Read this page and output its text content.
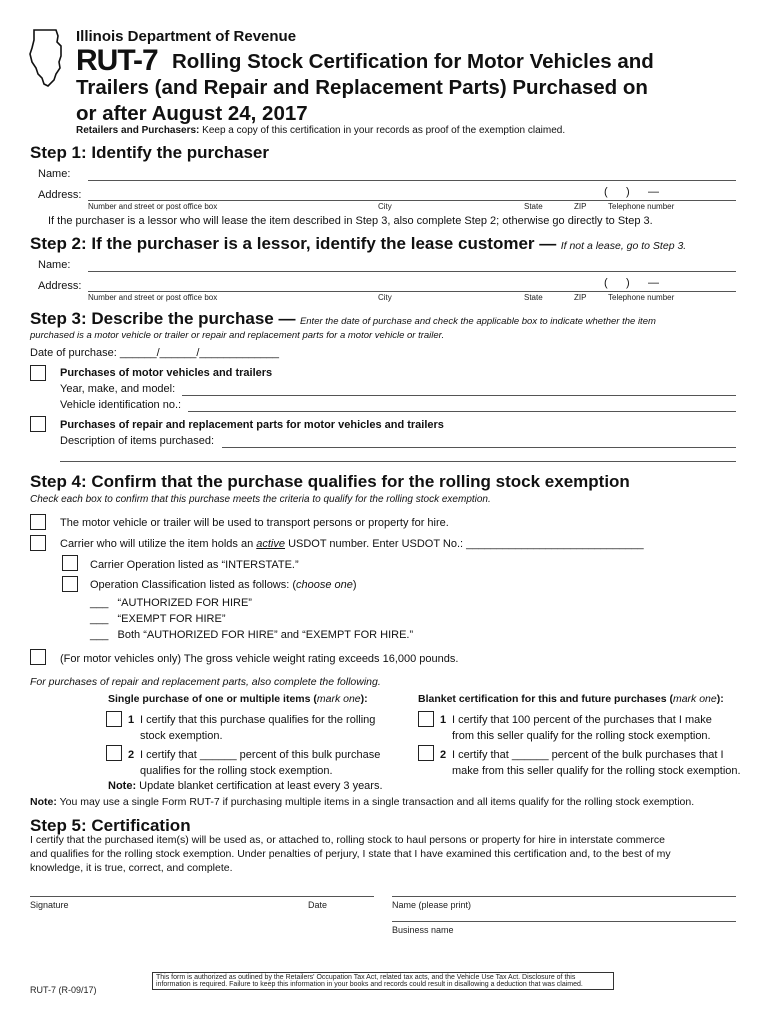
Illinois Department of Revenue
RUT-7 Rolling Stock Certification for Motor Vehicles and
Trailers (and Repair and Replacement Parts) Purchased on
or after August 24, 2017
Retailers and Purchasers: Keep a copy of this certification in your records as proof of the exemption claimed.
Step 1: Identify the purchaser
Name:
Address:	(      )      —
Number and street or post office box	City	State	ZIP	Telephone number
If the purchaser is a lessor who will lease the item described in Step 3, also complete Step 2; otherwise go directly to Step 3.
Step 2: If the purchaser is a lessor, identify the lease customer — If not a lease, go to Step 3.
Name:
Address:	(      )      —
Number and street or post office box	City	State	ZIP	Telephone number
Step 3: Describe the purchase — Enter the date of purchase and check the applicable box to indicate whether the item
purchased is a motor vehicle or trailer or repair and replacement parts for a motor vehicle or trailer.
Date of purchase: ______/______/_____________
Purchases of motor vehicles and trailers
Year, make, and model:
Vehicle identification no.:
Purchases of repair and replacement parts for motor vehicles and trailers
Description of items purchased:
Step 4: Confirm that the purchase qualifies for the rolling stock exemption
Check each box to confirm that this purchase meets the criteria to qualify for the rolling stock exemption.
The motor vehicle or trailer will be used to transport persons or property for hire.
Carrier who will utilize the item holds an active USDOT number. Enter USDOT No.: _____________________________
Carrier Operation listed as “INTERSTATE.”
Operation Classification listed as follows: (choose one)
___   “AUTHORIZED FOR HIRE”
___   “EXEMPT FOR HIRE”
___   Both “AUTHORIZED FOR HIRE” and “EXEMPT FOR HIRE.”
(For motor vehicles only) The gross vehicle weight rating exceeds 16,000 pounds.
For purchases of repair and replacement parts, also complete the following.
Single purchase of one or multiple items (mark one):
1 I certify that this purchase qualifies for the rolling
stock exemption.
2 I certify that ______ percent of this bulk purchase
qualifies for the rolling stock exemption.
Blanket certification for this and future purchases (mark one):
1 I certify that 100 percent of the purchases that I make
from this seller qualify for the rolling stock exemption.
2 I certify that ______ percent of the bulk purchases that I
make from this seller qualify for the rolling stock exemption.
Note: Update blanket certification at least every 3 years.
Note: You may use a single Form RUT-7 if purchasing multiple items in a single transaction and all items qualify for the rolling stock exemption.
Step 5: Certification
I certify that the purchased item(s) will be used as, or attached to, rolling stock to haul persons or property for hire in interstate commerce
and qualifies for the rolling stock exemption. Under penalties of perjury, I state that I have examined this certification and, to the best of my
knowledge, it is true, correct, and complete.
Signature	Date	Name (please print)
Business name
RUT-7 (R-09/17)
This form is authorized as outlined by the Retailers' Occupation Tax Act, related tax acts, and the Vehicle Use Tax Act. Disclosure of this
information is required. Failure to keep this information in your books and records could result in disallowing a deduction that was claimed.
